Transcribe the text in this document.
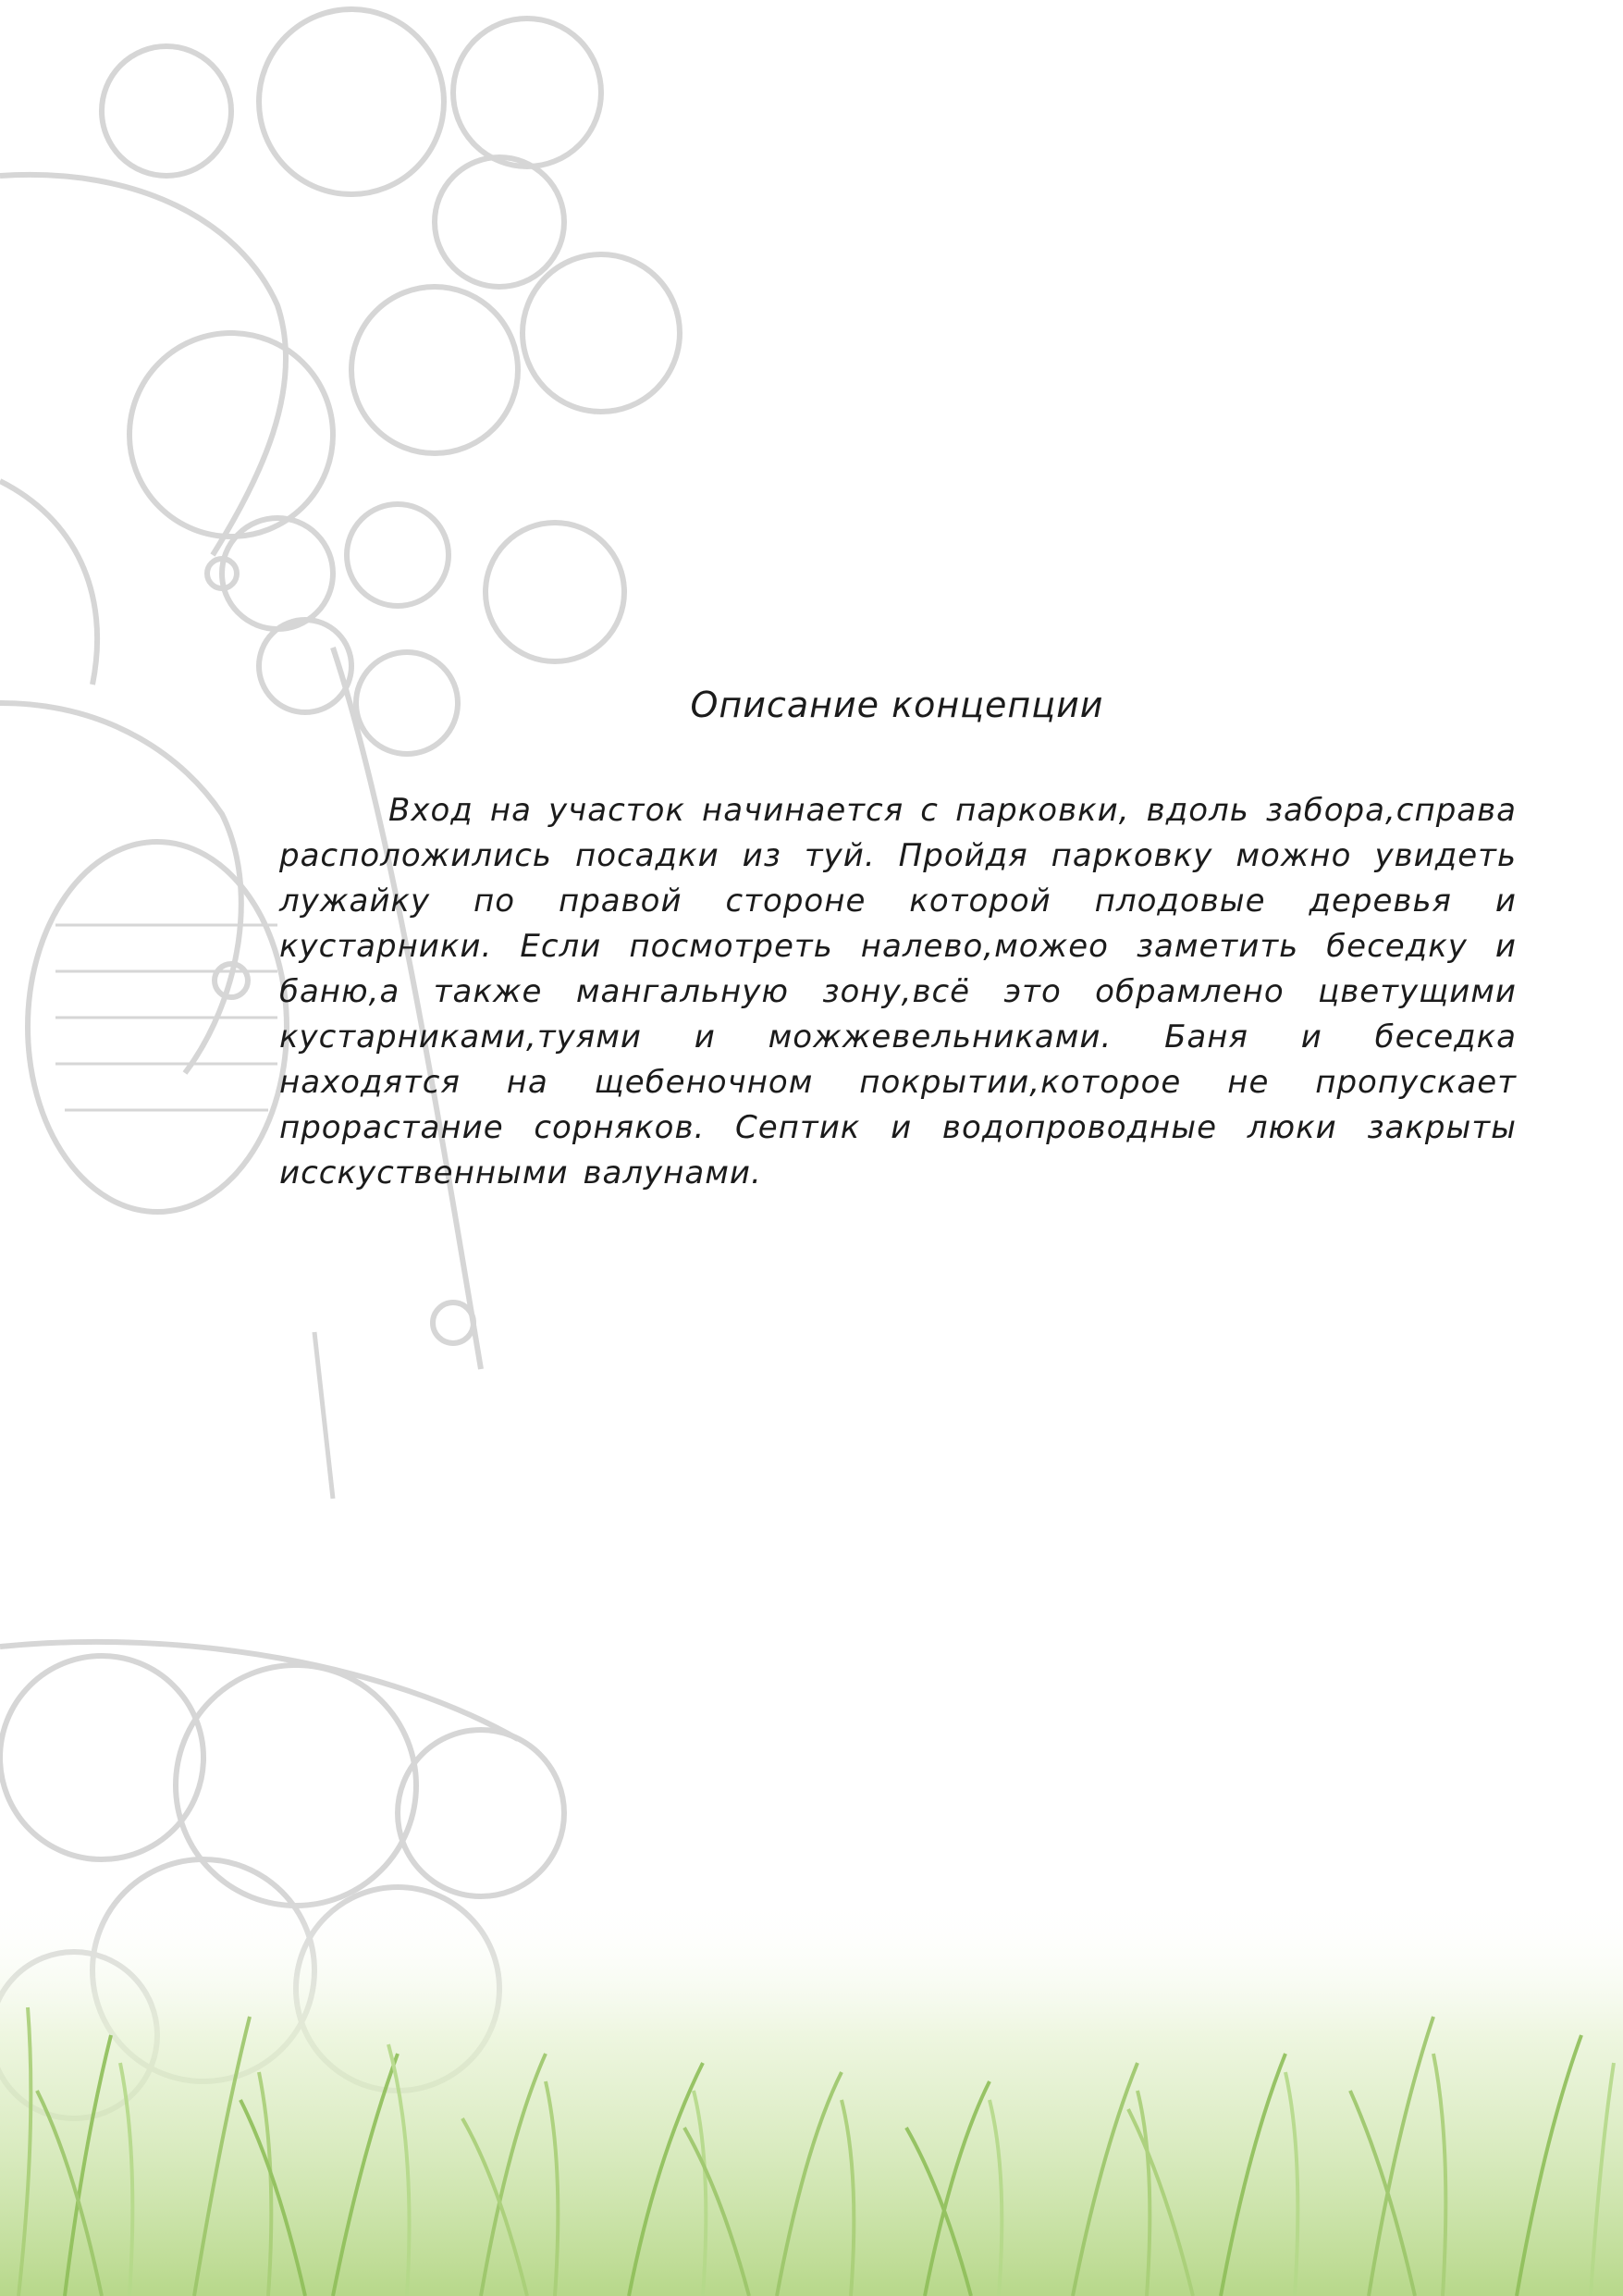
Описание концепции

Вход на участок начинается с парковки, вдоль забора,справа расположились посадки из туй. Пройдя парковку можно увидеть лужайку по правой стороне которой плодовые деревья и кустарники. Если посмотреть налево,можео заметить беседку и баню,а также мангальную зону,всё это обрамлено цветущими кустарниками,туями и можжевельниками. Баня и беседка находятся на щебеночном покрытии,которое не пропускает прорастание сорняков. Септик и водопроводные люки закрыты исскуственными валунами.
